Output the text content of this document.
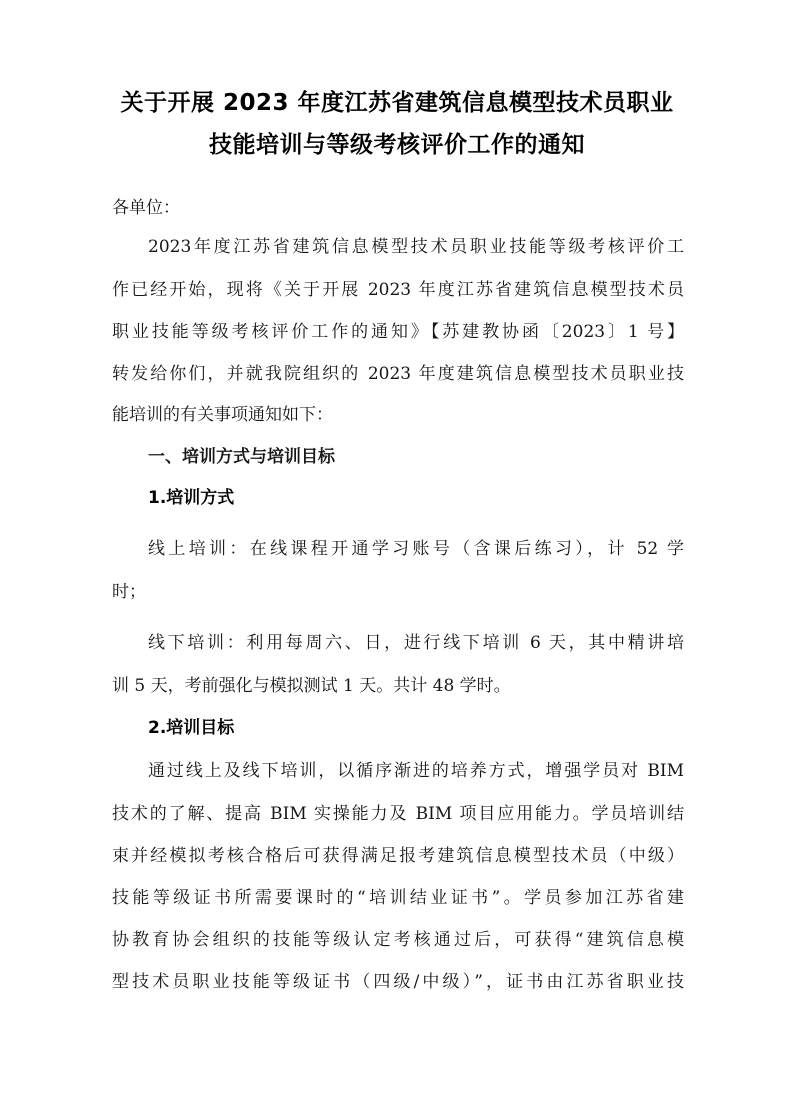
关于开展 2023 年度江苏省建筑信息模型技术员职业
技能培训与等级考核评价工作的通知
各单位：
2023年度江苏省建筑信息模型技术员职业技能等级考核评价工
作已经开始，现将《关于开展 2023 年度江苏省建筑信息模型技术员
职业技能等级考核评价工作的通知》【苏建教协函〔2023〕1 号】
转发给你们，并就我院组织的 2023 年度建筑信息模型技术员职业技
能培训的有关事项通知如下：
一、培训方式与培训目标
1.培训方式
线上培训：在线课程开通学习账号（含课后练习），计 52 学
时；
线下培训：利用每周六、日，进行线下培训 6 天，其中精讲培
训 5 天，考前强化与模拟测试 1 天。共计 48 学时。
2.培训目标
通过线上及线下培训，以循序渐进的培养方式，增强学员对 BIM
技术的了解、提高 BIM 实操能力及 BIM 项目应用能力。学员培训结
束并经模拟考核合格后可获得满足报考建筑信息模型技术员（中级）
技能等级证书所需要课时的“培训结业证书”。学员参加江苏省建
协教育协会组织的技能等级认定考核通过后，可获得“建筑信息模
型技术员职业技能等级证书（四级/中级）”，证书由江苏省职业技
